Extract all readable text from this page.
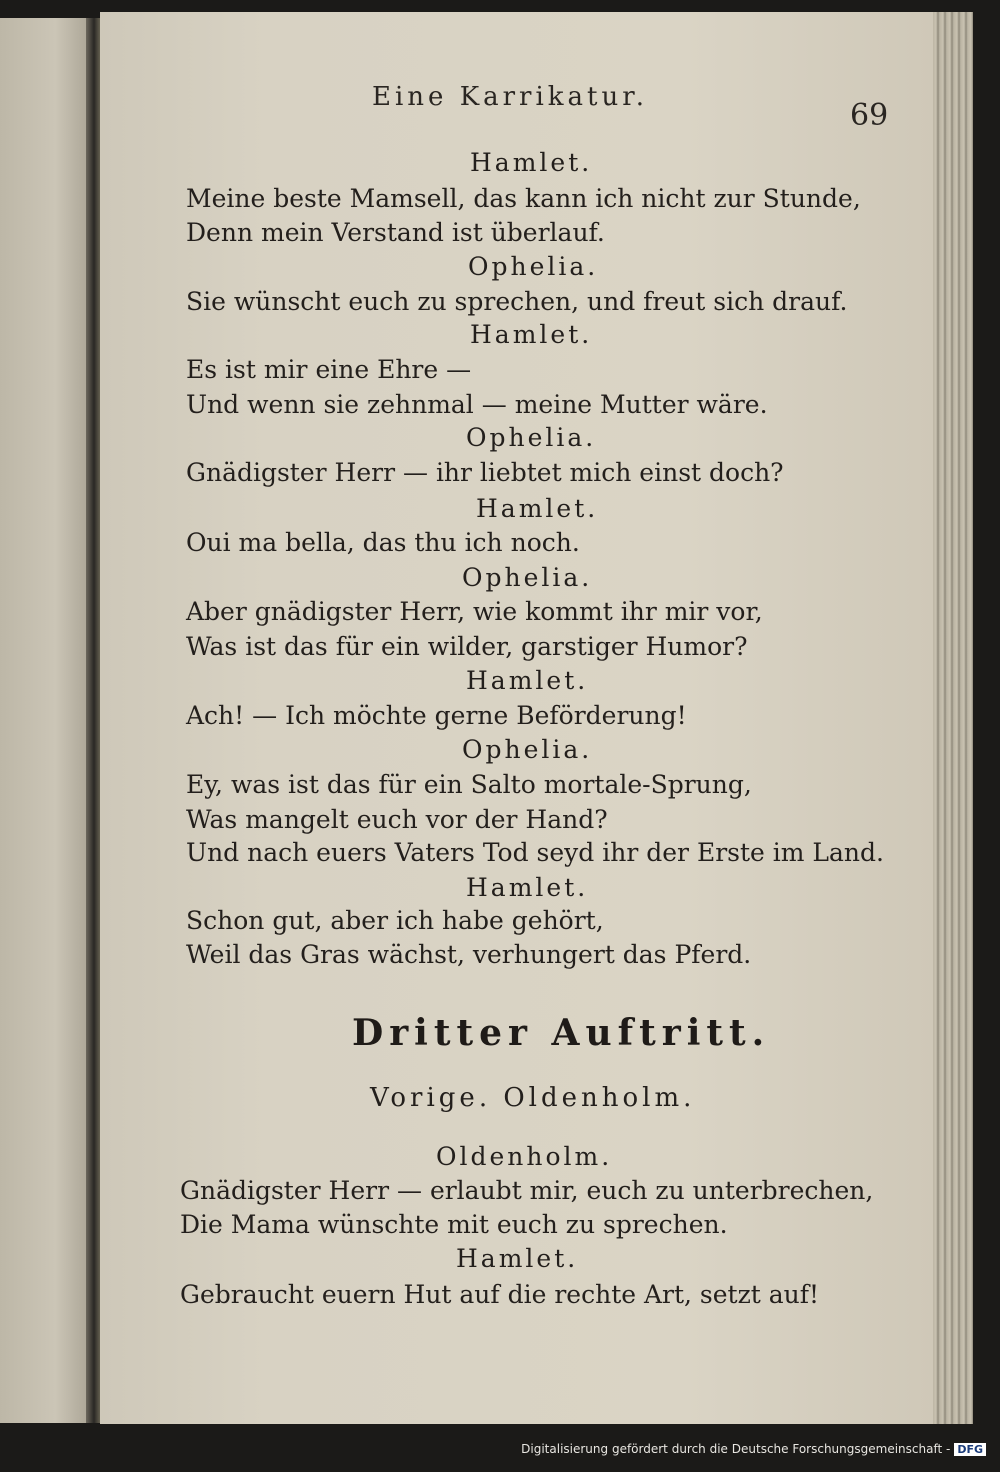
Eine Karrikatur.
69
Hamlet.
Meine beste Mamsell, das kann ich nicht zur Stunde,
Denn mein Verstand ist überlauf.
Ophelia.
Sie wünscht euch zu sprechen, und freut sich drauf.
Hamlet.
Es ist mir eine Ehre —
Und wenn sie zehnmal — meine Mutter wäre.
Ophelia.
Gnädigster Herr — ihr liebtet mich einst doch?
Hamlet.
Oui ma bella, das thu ich noch.
Ophelia.
Aber gnädigster Herr, wie kommt ihr mir vor,
Was ist das für ein wilder, garstiger Humor?
Hamlet.
Ach! — Ich möchte gerne Beförderung!
Ophelia.
Ey, was ist das für ein Salto mortale-Sprung,
Was mangelt euch vor der Hand?
Und nach euers Vaters Tod seyd ihr der Erste im Land.
Hamlet.
Schon gut, aber ich habe gehört,
Weil das Gras wächst, verhungert das Pferd.
Dritter Auftritt.
Vorige. Oldenholm.
Oldenholm.
Gnädigster Herr — erlaubt mir, euch zu unterbrechen,
Die Mama wünschte mit euch zu sprechen.
Hamlet.
Gebraucht euern Hut auf die rechte Art, setzt auf!
Digitalisierung gefördert durch die Deutsche Forschungsgemeinschaft - DFG
